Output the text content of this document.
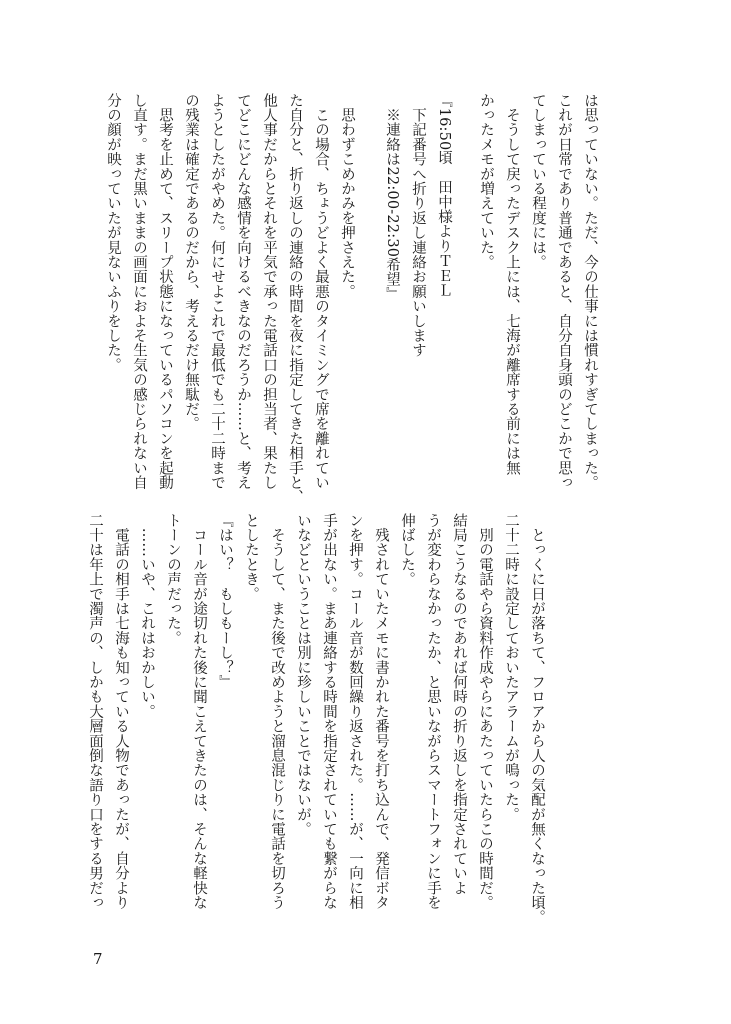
は思っていない。ただ、今の仕事には慣れすぎてしまった。
これが日常であり普通であると、自分自身頭のどこかで思っ
てしまっている程度には。
　そうして戻ったデスク上には、七海が離席する前には無
かったメモが増えていた。
『16:50頃　田中様よりＴＥＬ
　下記番号へ折り返し連絡お願いします
　※連絡は22:00-22:30希望』
　思わずこめかみを押さえた。
　この場合、ちょうどよく最悪のタイミングで席を離れてい
た自分と、折り返しの連絡の時間を夜に指定してきた相手と、
他人事だからとそれを平気で承った電話口の担当者、果たし
てどこにどんな感情を向けるべきなのだろうか……と、考え
ようとしたがやめた。何にせよこれで最低でも二十二時まで
の残業は確定であるのだから、考えるだけ無駄だ。
　思考を止めて、スリープ状態になっているパソコンを起動
し直す。まだ黒いままの画面におよそ生気の感じられない自
分の顔が映っていたが見ないふりをした。
　とっくに日が落ちて、フロアから人の気配が無くなった頃。
二十二時に設定しておいたアラームが鳴った。
　別の電話やら資料作成やらにあたっていたらこの時間だ。
結局こうなるのであれば何時の折り返しを指定されていよ
うが変わらなかったか、と思いながらスマートフォンに手を
伸ばした。
　残されていたメモに書かれた番号を打ち込んで、発信ボタ
ンを押す。コール音が数回繰り返された。……が、一向に相
手が出ない。まあ連絡する時間を指定されていても繋がらな
いなどということは別に珍しいことではないが。
　そうして、また後で改めようと溜息混じりに電話を切ろう
としたとき。
『はい？　もしもーし？』
　コール音が途切れた後に聞こえてきたのは、そんな軽快な
トーンの声だった。
　……いや、これはおかしい。
　電話の相手は七海も知っている人物であったが、自分より
二十は年上で濁声の、しかも大層面倒な語り口をする男だっ
7
